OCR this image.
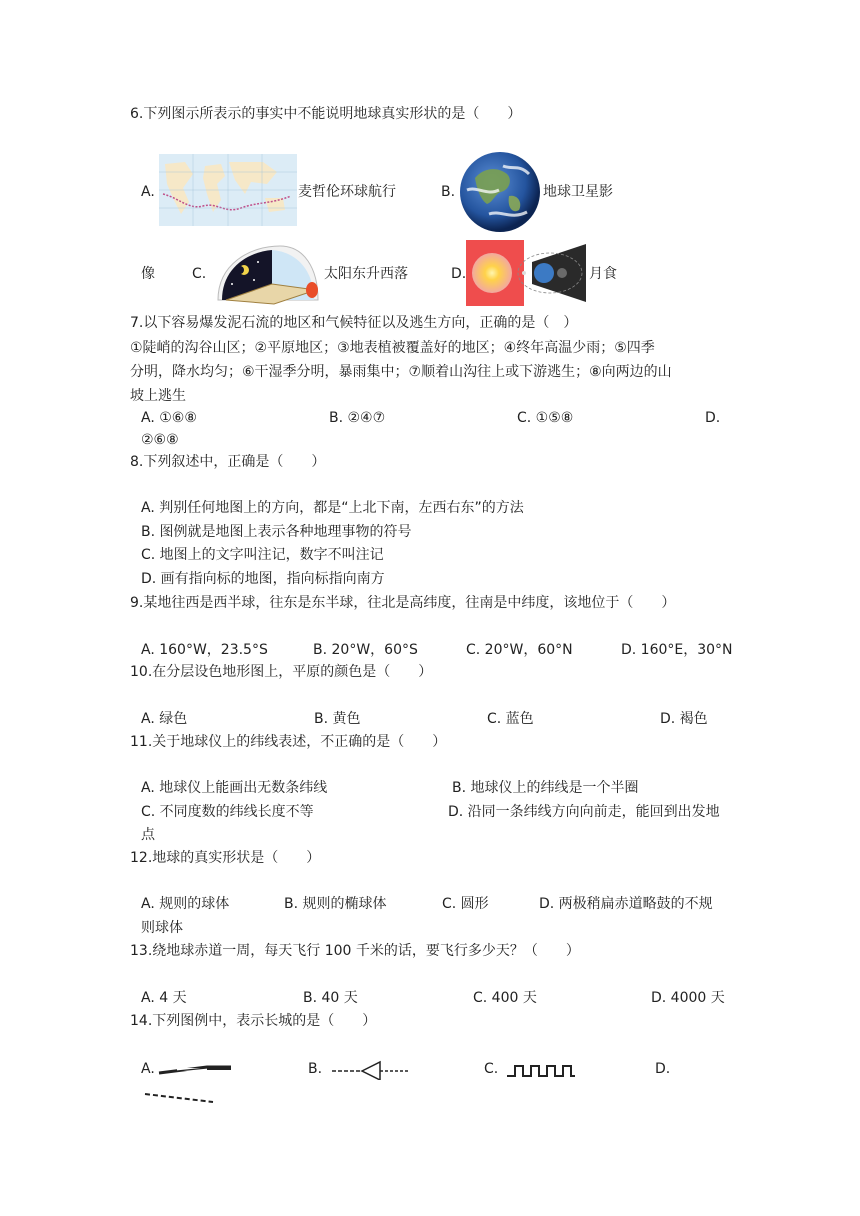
6.下列图示所表示的事实中不能说明地球真实形状的是（　　）
A.	麦哲伦环球航行	B.	地球卫星影
像	C.	太阳东升西落	D.	月食
7.以下容易爆发泥石流的地区和气候特征以及逃生方向，正确的是（　）
①陡峭的沟谷山区；②平原地区；③地表植被覆盖好的地区；④终年高温少雨；⑤四季
分明，降水均匀；⑥干湿季分明，暴雨集中；⑦顺着山沟往上或下游逃生；⑧向两边的山
坡上逃生
A. ①⑥⑧	B. ②④⑦	C. ①⑤⑧	D.
②⑥⑧
8.下列叙述中，正确是（　　）
A. 判别任何地图上的方向，都是“上北下南，左西右东”的方法
B. 图例就是地图上表示各种地理事物的符号
C. 地图上的文字叫注记，数字不叫注记
D. 画有指向标的地图，指向标指向南方
9.某地往西是西半球，往东是东半球，往北是高纬度，往南是中纬度，该地位于（　　）
A. 160°W，23.5°S	B. 20°W，60°S	C. 20°W，60°N	D. 160°E，30°N
10.在分层设色地形图上，平原的颜色是（　　）
A. 绿色	B. 黄色	C. 蓝色	D. 褐色
11.关于地球仪上的纬线表述，不正确的是（　　）
A. 地球仪上能画出无数条纬线	B. 地球仪上的纬线是一个半圈
C. 不同度数的纬线长度不等	D. 沿同一条纬线方向向前走，能回到出发地
点
12.地球的真实形状是（　　）
A. 规则的球体	B. 规则的椭球体	C. 圆形	D. 两极稍扁赤道略鼓的不规
则球体
13.绕地球赤道一周，每天飞行 100 千米的话，要飞行多少天？（　　）
A. 4 天	B. 40 天	C. 400 天	D. 4000 天
14.下列图例中，表示长城的是（　　）
A.	B.	C.	D.
